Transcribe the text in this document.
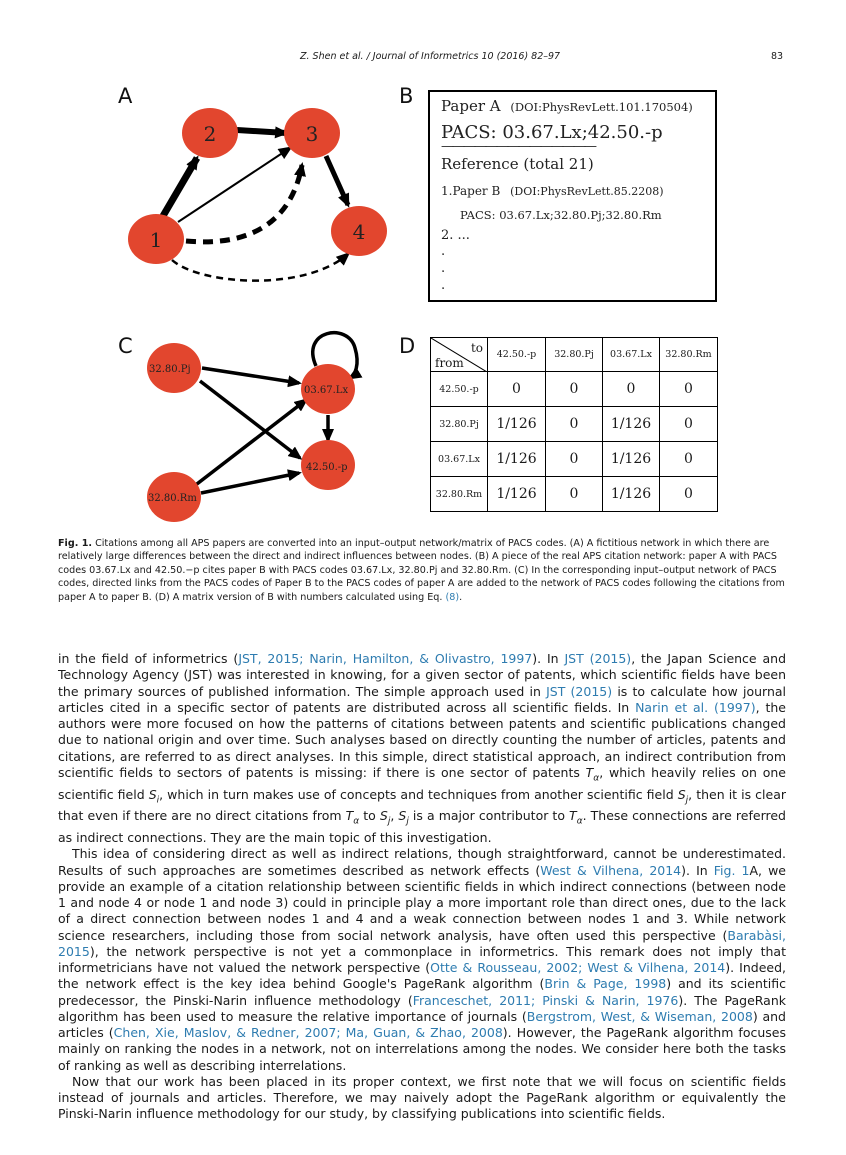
Z. Shen et al. / Journal of Informetrics 10 (2016) 82–97	83
A	B
C	D
1
2	3
4
32.80.Pj
03.67.Lx
42.50.-p
32.80.Rm
Paper A (DOI:PhysRevLett.101.170504)
PACS: 03.67.Lx;42.50.-p
——————————————
Reference (total 21)
1.Paper B (DOI:PhysRevLett.85.2208)
PACS: 03.67.Lx;32.80.Pj;32.80.Rm
2. ...
.
.
.
to
from	42.50.-p	32.80.Pj	03.67.Lx	32.80.Rm
42.50.-p	0	0	0	0
32.80.Pj	1/126	0	1/126	0
03.67.Lx	1/126	0	1/126	0
32.80.Rm	1/126	0	1/126	0
Fig. 1. Citations among all APS papers are converted into an input–output network/matrix of PACS codes. (A) A fictitious network in which there are relatively large differences between the direct and indirect influences between nodes. (B) A piece of the real APS citation network: paper A with PACS codes 03.67.Lx and 42.50.−p cites paper B with PACS codes 03.67.Lx, 32.80.Pj and 32.80.Rm. (C) In the corresponding input–output network of PACS codes, directed links from the PACS codes of Paper B to the PACS codes of paper A are added to the network of PACS codes following the citations from paper A to paper B. (D) A matrix version of B with numbers calculated using Eq. (8).

in the field of informetrics (JST, 2015; Narin, Hamilton, & Olivastro, 1997). In JST (2015), the Japan Science and Technology Agency (JST) was interested in knowing, for a given sector of patents, which scientific fields have been the primary sources of published information. The simple approach used in JST (2015) is to calculate how journal articles cited in a specific sector of patents are distributed across all scientific fields. In Narin et al. (1997), the authors were more focused on how the patterns of citations between patents and scientific publications changed due to national origin and over time. Such analyses based on directly counting the number of articles, patents and citations, are referred to as direct analyses. In this simple, direct statistical approach, an indirect contribution from scientific fields to sectors of patents is missing: if there is one sector of patents $T_\alpha$, which heavily relies on one scientific field $S_i$, which in turn makes use of concepts and techniques from another scientific field $S_j$, then it is clear that even if there are no direct citations from $T_\alpha$ to $S_j$, $S_j$ is a major contributor to $T_\alpha$. These connections are referred as indirect connections. They are the main topic of this investigation.

This idea of considering direct as well as indirect relations, though straightforward, cannot be underestimated. Results of such approaches are sometimes described as network effects (West & Vilhena, 2014). In Fig. 1A, we provide an example of a citation relationship between scientific fields in which indirect connections (between node 1 and node 4 or node 1 and node 3) could in principle play a more important role than direct ones, due to the lack of a direct connection between nodes 1 and 4 and a weak connection between nodes 1 and 3. While network science researchers, including those from social network analysis, have often used this perspective (Barabàsi, 2015), the network perspective is not yet a commonplace in informetrics. This remark does not imply that informetricians have not valued the network perspective (Otte & Rousseau, 2002; West & Vilhena, 2014). Indeed, the network effect is the key idea behind Google's PageRank algorithm (Brin & Page, 1998) and its scientific predecessor, the Pinski-Narin influence methodology (Franceschet, 2011; Pinski & Narin, 1976). The PageRank algorithm has been used to measure the relative importance of journals (Bergstrom, West, & Wiseman, 2008) and articles (Chen, Xie, Maslov, & Redner, 2007; Ma, Guan, & Zhao, 2008). However, the PageRank algorithm focuses mainly on ranking the nodes in a network, not on interrelations among the nodes. We consider here both the tasks of ranking as well as describing interrelations.

Now that our work has been placed in its proper context, we first note that we will focus on scientific fields instead of journals and articles. Therefore, we may naively adopt the PageRank algorithm or equivalently the Pinski-Narin influence methodology for our study, by classifying publications into scientific fields.
